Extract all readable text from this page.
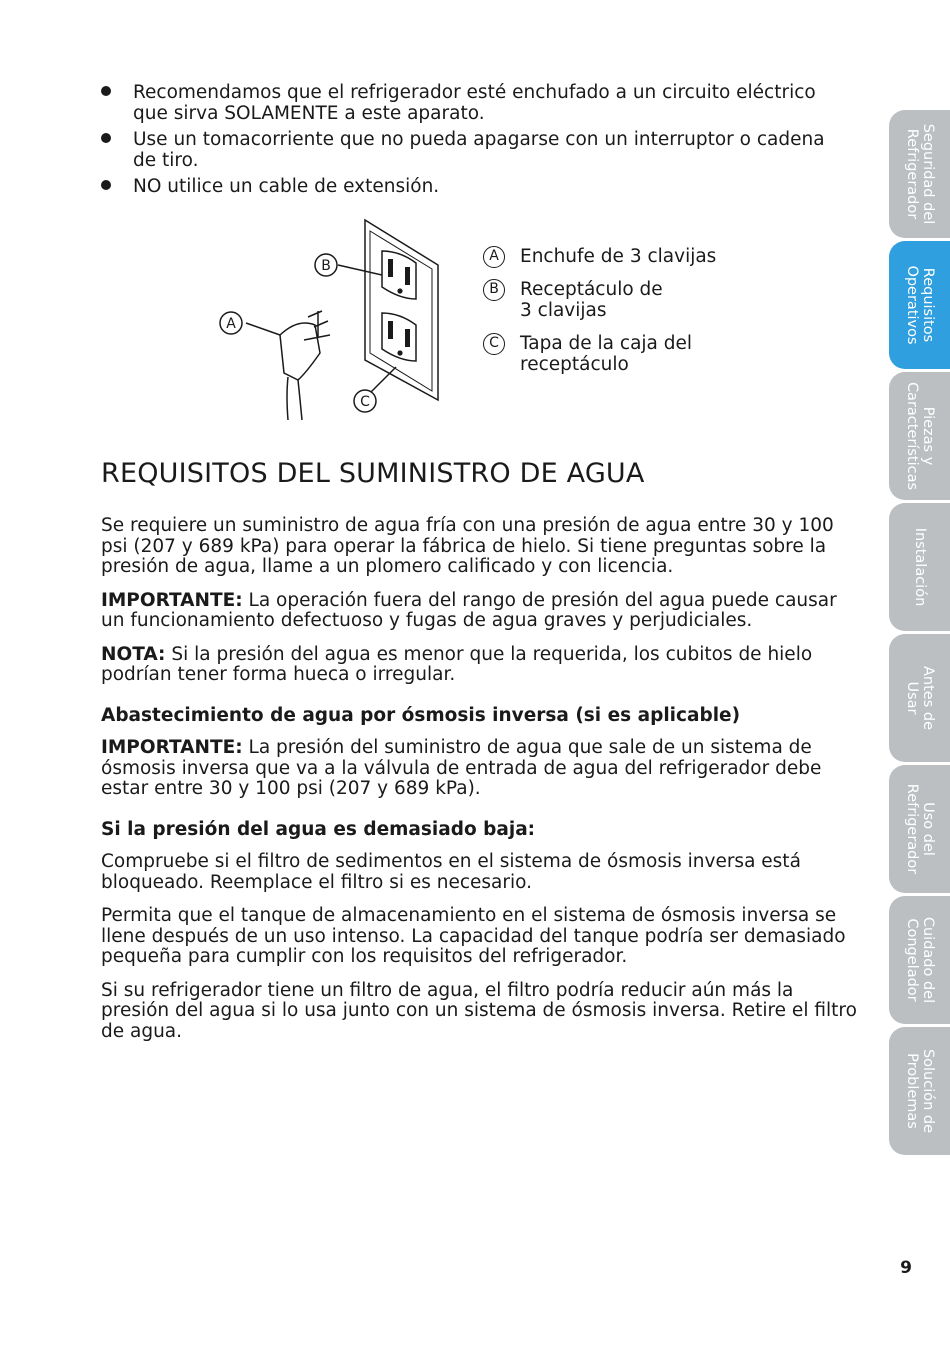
Recomendamos que el refrigerador esté enchufado a un circuito eléctrico que sirva SOLAMENTE a este aparato.
Use un tomacorriente que no pueda apagarse con un interruptor o cadena de tiro.
NO utilice un cable de extensión.
A
B
C
A	Enchufe de 3 clavijas
B	Receptáculo de
3 clavijas
C	Tapa de la caja del
receptáculo
REQUISITOS DEL SUMINISTRO DE AGUA

Se requiere un suministro de agua fría con una presión de agua entre 30 y 100 psi (207 y 689 kPa) para operar la fábrica de hielo. Si tiene preguntas sobre la presión de agua, llame a un plomero calificado y con licencia.

IMPORTANTE: La operación fuera del rango de presión del agua puede causar un funcionamiento defectuoso y fugas de agua graves y perjudiciales.

NOTA: Si la presión del agua es menor que la requerida, los cubitos de hielo podrían tener forma hueca o irregular.

Abastecimiento de agua por ósmosis inversa (si es aplicable)

IMPORTANTE: La presión del suministro de agua que sale de un sistema de ósmosis inversa que va a la válvula de entrada de agua del refrigerador debe estar entre 30 y 100 psi (207 y 689 kPa).

Si la presión del agua es demasiado baja:

Compruebe si el filtro de sedimentos en el sistema de ósmosis inversa está bloqueado. Reemplace el filtro si es necesario.

Permita que el tanque de almacenamiento en el sistema de ósmosis inversa se llene después de un uso intenso. La capacidad del tanque podría ser demasiado pequeña para cumplir con los requisitos del refrigerador.

Si su refrigerador tiene un filtro de agua, el filtro podría reducir aún más la presión del agua si lo usa junto con un sistema de ósmosis inversa. Retire el filtro de agua.

Seguridad del
Refrigerador
Requisitos
Operativos
Piezas y
Características
Instalación
Antes de
Usar
Uso del
Refrigerador
Cuidado del
Congelador
Solución de
Problemas
9
